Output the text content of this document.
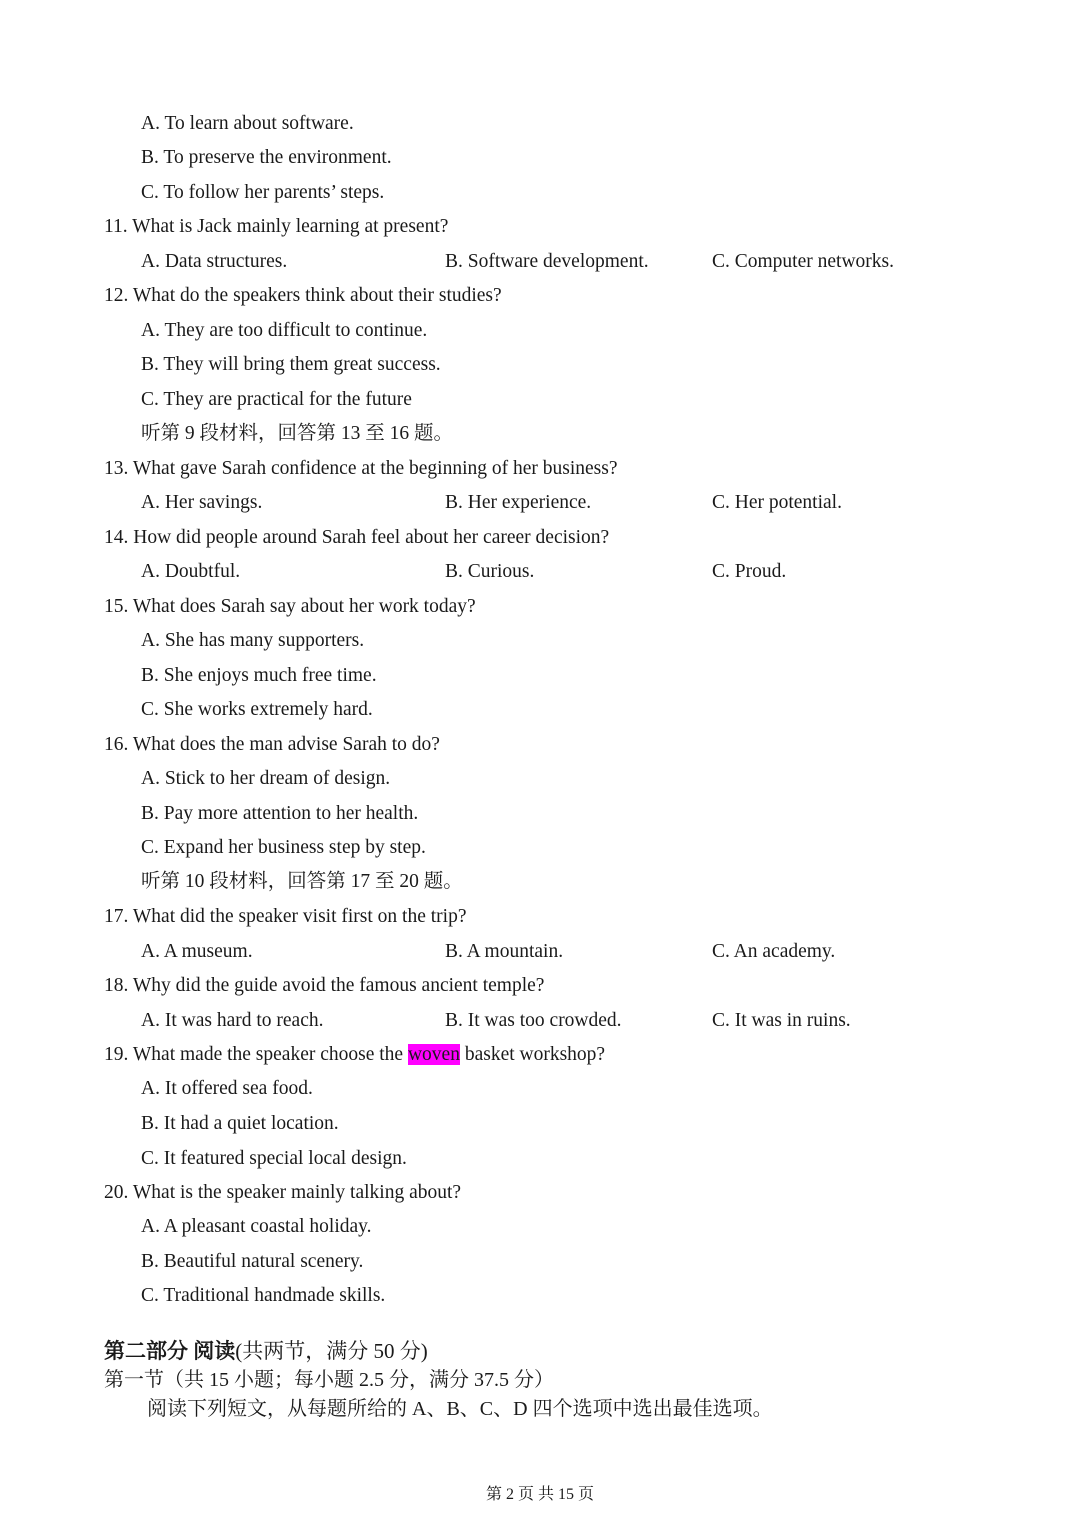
A. To learn about software.
B. To preserve the environment.
C. To follow her parents’ steps.
11. What is Jack mainly learning at present?
A. Data structures.	B. Software development.	C. Computer networks.
12. What do the speakers think about their studies?
A. They are too difficult to continue.
B. They will bring them great success.
C. They are practical for the future
听第 9 段材料，回答第 13 至 16 题。
13. What gave Sarah confidence at the beginning of her business?
A. Her savings.	B. Her experience.	C. Her potential.
14. How did people around Sarah feel about her career decision?
A. Doubtful.	B. Curious.	C. Proud.
15. What does Sarah say about her work today?
A. She has many supporters.
B. She enjoys much free time.
C. She works extremely hard.
16. What does the man advise Sarah to do?
A. Stick to her dream of design.
B. Pay more attention to her health.
C. Expand her business step by step.
听第 10 段材料，回答第 17 至 20 题。
17. What did the speaker visit first on the trip?
A. A museum.	B. A mountain.	C. An academy.
18. Why did the guide avoid the famous ancient temple?
A. It was hard to reach.	B. It was too crowded.	C. It was in ruins.
19. What made the speaker choose the woven basket workshop?
A. It offered sea food.
B. It had a quiet location.
C. It featured special local design.
20. What is the speaker mainly talking about?
A. A pleasant coastal holiday.
B. Beautiful natural scenery.
C. Traditional handmade skills.
第二部分 阅读(共两节，满分 50 分)
第一节（共 15 小题；每小题 2.5 分，满分 37.5 分）
阅读下列短文，从每题所给的 A、B、C、D 四个选项中选出最佳选项。
第 2 页 共 15 页
